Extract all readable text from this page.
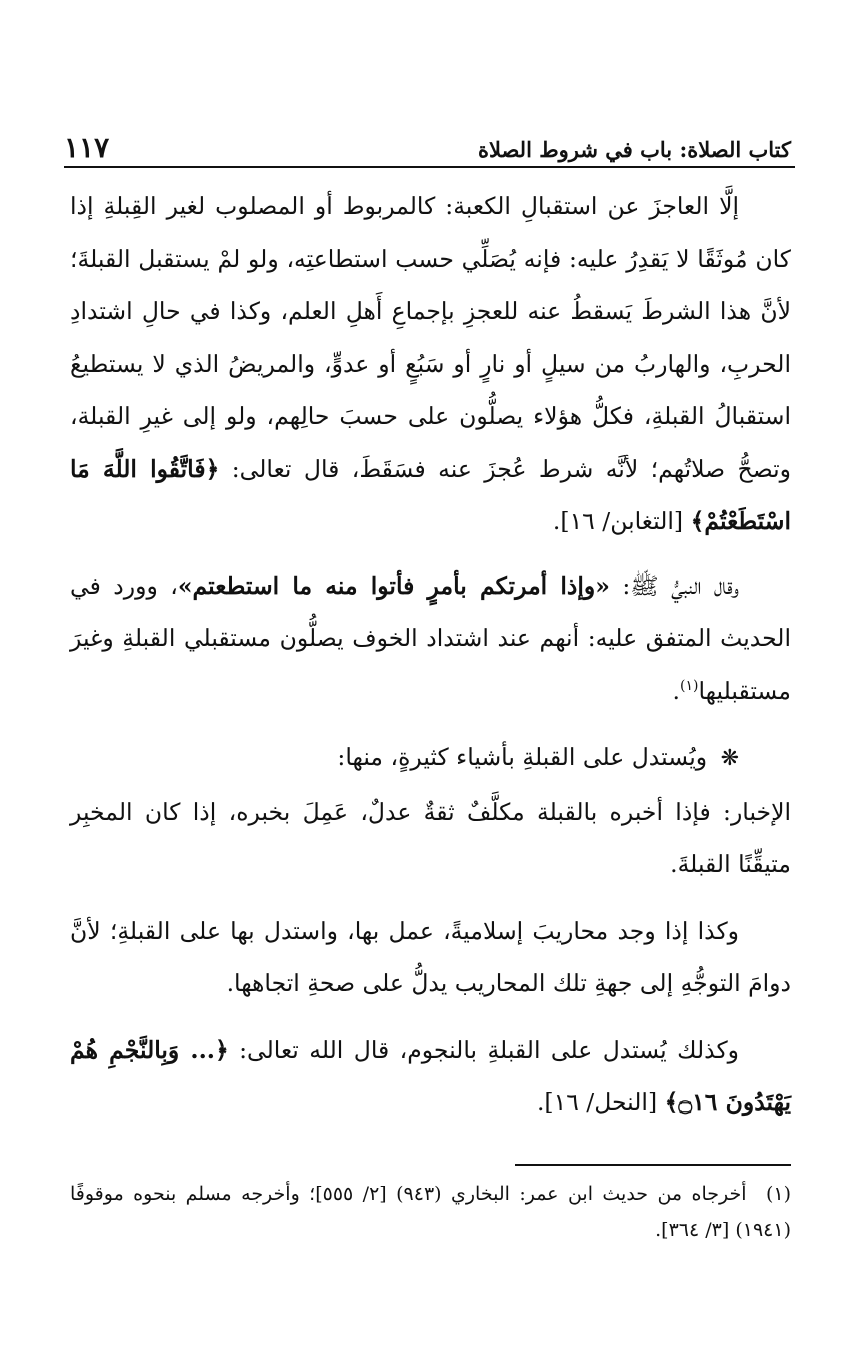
كتاب الصلاة: باب في شروط الصلاة
١١٧

إلَّا العاجزَ عن استقبالِ الكعبة: كالمربوط أو المصلوب لغير القِبلةِ إذا كان مُوثَقًا لا يَقدِرُ عليه: فإنه يُصَلِّي حسب استطاعتِه، ولو لمْ يستقبل القبلةَ؛ لأنَّ هذا الشرطَ يَسقطُ عنه للعجزِ بإجماعِ أَهلِ العلم، وكذا في حالِ اشتدادِ الحربِ، والهاربُ من سيلٍ أو نارٍ أو سَبُعٍ أو عدوٍّ، والمريضُ الذي لا يستطيعُ استقبالُ القبلةِ، فكلُّ هؤلاء يصلُّون على حسبَ حالِهم، ولو إلى غيرِ القبلة، وتصحُّ صلاتُهم؛ لأنَّه شرط عُجزَ عنه فسَقَطَ، قال تعالى: ﴿فَاتَّقُوا اللَّهَ مَا اسْتَطَعْتُمْ﴾ [التغابن/ ١٦].

وقال النبيُّ ﷺ: «وإذا أمرتكم بأمرٍ فأتوا منه ما استطعتم»، وورد في الحديث المتفق عليه: أنهم عند اشتداد الخوف يصلُّون مستقبلي القبلةِ وغيرَ مستقبليها$^{(١)}$.

❋ ويُستدل على القبلةِ بأشياء كثيرةٍ، منها:

الإخبار: فإذا أخبره بالقبلة مكلَّفٌ ثقةٌ عدلٌ، عَمِلَ بخبره، إذا كان المخبِر متيقِّنًا القبلةَ.

وكذا إذا وجد محاريبَ إسلاميةً، عمل بها، واستدل بها على القبلةِ؛ لأنَّ دوامَ التوجُّهِ إلى جهةِ تلك المحاريب يدلُّ على صحةِ اتجاهها.

وكذلك يُستدل على القبلةِ بالنجوم، قال الله تعالى: ﴿... وَبِالنَّجْمِ هُمْ يَهْتَدُونَ ۝١٦﴾ [النحل/ ١٦].

(١) أخرجاه من حديث ابن عمر: البخاري (٩٤٣) [٢/ ٥٥٥]؛ وأخرجه مسلم بنحوه موقوفًا (١٩٤١) [٣/ ٣٦٤].
